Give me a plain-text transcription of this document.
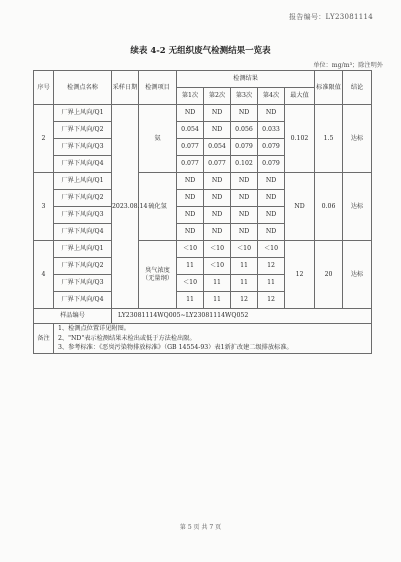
报告编号：LY23081114
续表 4-2 无组织废气检测结果一览表
单位：mg/m³；除注明外
序号	检测点名称	采样日期	检测项目	检测结果					标准限值	结论
				第1次	第2次	第3次	第4次	最大值		
2	厂界上风向/Q1	2023.08.14	氨	ND	ND	ND	ND	0.102	1.5	达标
	厂界下风向/Q2			0.054	ND	0.056	0.033			
	厂界下风向/Q3			0.077	0.054	0.079	0.079			
	厂界下风向/Q4			0.077	0.077	0.102	0.079			
3	厂界上风向/Q1		硫化氢	ND	ND	ND	ND	ND	0.06	达标
	厂界下风向/Q2			ND	ND	ND	ND			
	厂界下风向/Q3			ND	ND	ND	ND			
	厂界下风向/Q4			ND	ND	ND	ND			
4	厂界上风向/Q1		臭气浓度（无量纲）	＜10	＜10	＜10	＜10	12	20	达标
	厂界下风向/Q2			11	＜10	11	12			
	厂界下风向/Q3			＜10	11	11	11			
	厂界下风向/Q4			11	11	12	12			
样品编号		LY23081114WQ005~LY23081114WQ052								
备注	1、检测点位置详见附图。
2、"ND"表示检测结果未检出或低于方法检出限。
3、参考标准：《恶臭污染物排放标准》（GB 14554-93）表1新扩改建二级排放标准。									
第 5 页 共 7 页
